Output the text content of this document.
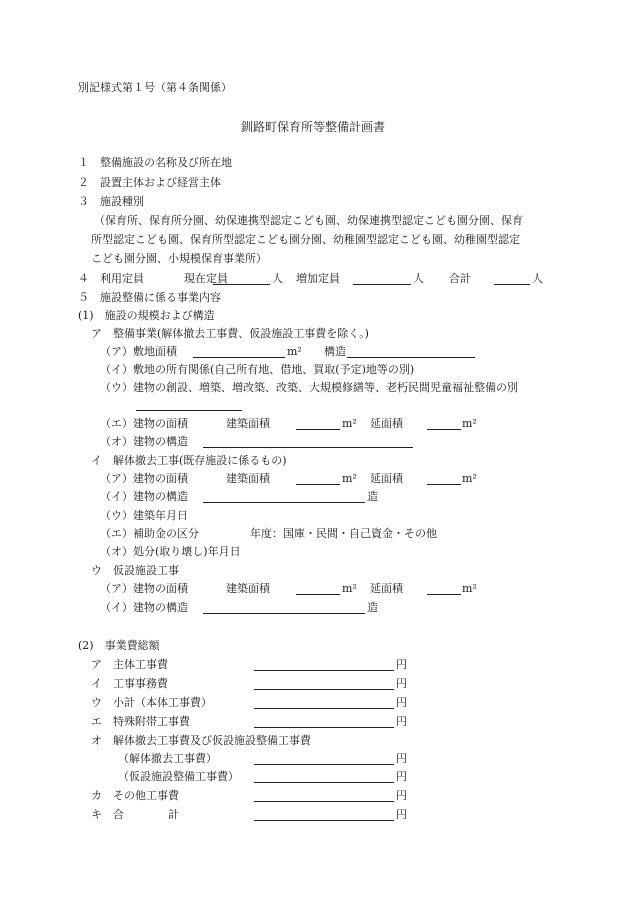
別記様式第１号（第４条関係）
釧路町保育所等整備計画書
１　整備施設の名称及び所在地
２　設置主体および経営主体
３　施設種別
（保育所、保育所分園、幼保連携型認定こども園、幼保連携型認定こども園分園、保育
所型認定こども園、保育所型認定こども園分園、幼稚園型認定こども園、幼稚園型認定
こども園分園、小規模保育事業所）
４　利用定員	現在定員	人 増加定員	人 合計	人
５　施設整備に係る事業内容
(1)　施設の規模および構造
ア　整備事業(解体撤去工事費、仮設施設工事費を除く。)
（ア）敷地面積	m² 構造
（イ）敷地の所有関係(自己所有地、借地、買取(予定)地等の別)
（ウ）建物の創設、増築、増改築、改築、大規模修繕等、老朽民間児童福祉整備の別
（エ）建物の面積	建築面積	m² 延面積	m²
（オ）建物の構造
イ　解体撤去工事(既存施設に係るもの)
（ア）建物の面積	建築面積	m² 延面積	m²
（イ）建物の構造	造
（ウ）建築年月日
（エ）補助金の区分	年度：国庫・民間・自己資金・その他
（オ）処分(取り壊し)年月日
ウ　仮設施設工事
（ア）建物の面積	建築面積	m² 延面積	m²
（イ）建物の構造	造
(2)　事業費総額
ア　主体工事費	円
イ　工事事務費	円
ウ　小計（本体工事費）	円
エ　特殊附帯工事費	円
オ　解体撤去工事費及び仮設施設整備工事費
（解体撤去工事費）	円
（仮設施設整備工事費）	円
カ　その他工事費	円
キ　合　　　　計	円
